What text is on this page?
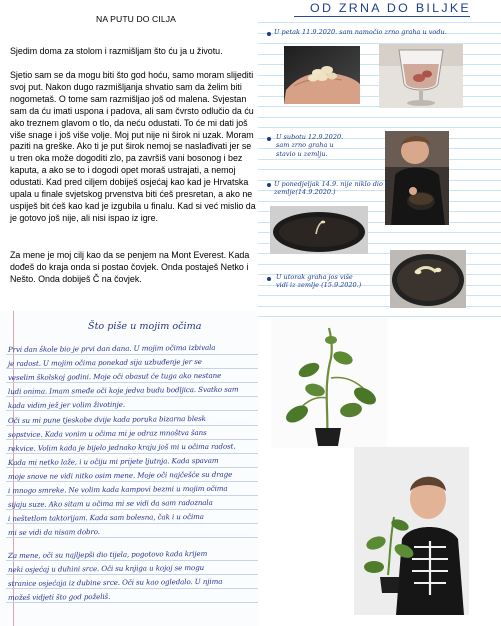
NA PUTU DO CILJA

Sjedim doma za stolom i razmišljam što ću ja u životu.

Sjetio sam se da mogu biti što god hoću, samo moram slijediti
svoj put. Nakon dugo razmišljanja shvatio sam da želim biti
nogometaš. O tome sam razmišljao još od malena. Svjestan
sam da ću imati uspona i padova, ali sam čvrsto odlučio da ću
ako treznem glavom o tlo, da neću odustati. To će mi dati još
više snage i još više volje. Moj put nije ni širok ni uzak. Moram
paziti na greške. Ako ti je put širok nemoj se naslađivati jer se
u tren oka može dogoditi zlo, pa završiš vani bosonog i bez
kaputa, a ako se to i dogodi opet moraš ustrajati, a nemoj
odustati. Kad pred ciljem dobiješ osjećaj kao kad je Hrvatska
upala u finale svjetskog prvenstva biti ćeš presretan, a ako ne
uspiješ bit ćeš kao kad je izgubila u finalu. Kad si već mislio da
je gotovo još nije, ali nisi ispao iz igre.

Za mene je moj cilj kao da se penjem na Mont Everest. Kada
dođeš do kraja onda si postao čovjek. Onda postaješ Netko i
Nešto. Onda dobiješ Č na čovjek.

Što piše u mojim očima
Prvi dan škole bio je prvi dan dana. U mojim očima izbivala
je radost. U mojim očima ponekad sija uzbuđenje jer se
veselim školskoj godini. Moje oči obasut će tuga ako nestane
ludi onima. Imam smeđe oči koje jedva budu bodljica. Svatko sam
kada vidim jež jer volim životinje.
Oči su mi pune tjeskobe dvije kada poruka bizarna blesk
sopstvice. Kada vonim u očima mi je odraz mnoštva šans
rekvice. Volim kada je bijelo jednako kraju još mi u očima radost.
Kada mi netko laže, i u očiju mi prijete ljutnja. Kada spavam
moje snove ne vidi nitko osim mene. Moje oči najčešće su drage
i mnogo smreke. Ne volim kada kampovi bezmi u mojim očima
sijaju suze. Ako sitam u očima mi se vidi da sam radoznala
i neštetlom taktorijam. Kada sam bolesna, čak i u očima
mi se vidi da nisam dobro.
Za mene, oči su najljepši dio tijela, pogotovo kada krijem
neki osjećaj u duhini srce. Oči su knjiga u kojoj se mogu
stranice osjećaja iz dubine srce. Oči su kao ogledalo. U njima
možeš vidjeti što god poželiš.
OD ZRNA DO BILJKE
U petak 11.9.2020. sam namočio zrno graha u vodu.
U subotu 12.9.2020.
sam zrno graha u
stavio u zemlju.
U ponedjeljak 14.9. nije niklo dio iz
zemlje(14.9.2020.)
U utorak graha jos više
vidi iz zemlje (15.9.2020.)
